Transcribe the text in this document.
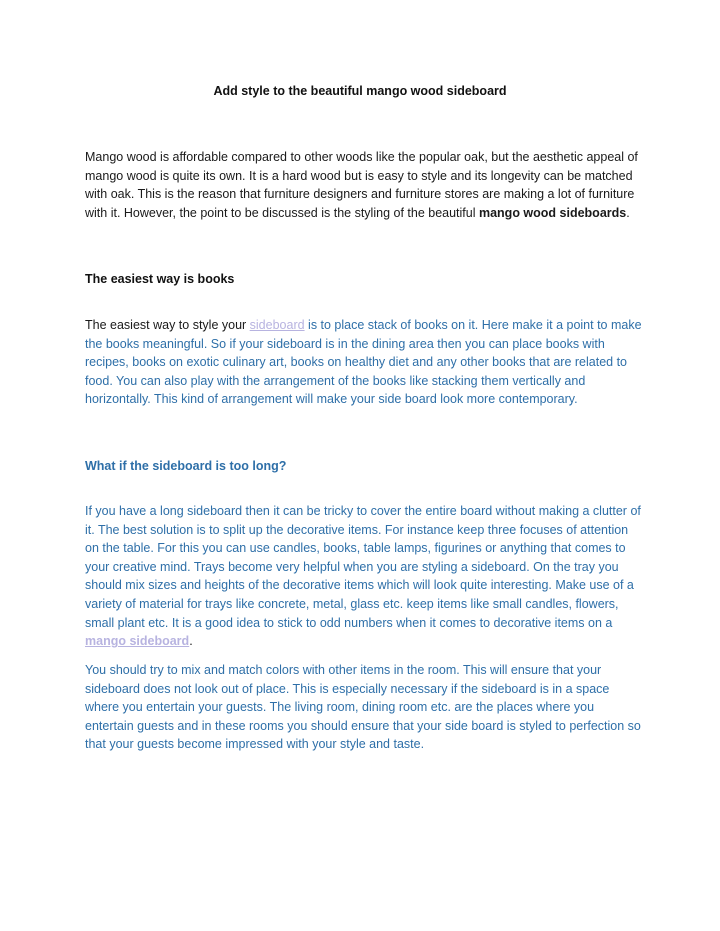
Add style to the beautiful mango wood sideboard

Mango wood is affordable compared to other woods like the popular oak, but the aesthetic appeal of mango wood is quite its own. It is a hard wood but is easy to style and its longevity can be matched with oak. This is the reason that furniture designers and furniture stores are making a lot of furniture with it. However, the point to be discussed is the styling of the beautiful mango wood sideboards.

The easiest way is books

The easiest way to style your sideboard is to place stack of books on it. Here make it a point to make the books meaningful. So if your sideboard is in the dining area then you can place books with recipes, books on exotic culinary art, books on healthy diet and any other books that are related to food. You can also play with the arrangement of the books like stacking them vertically and horizontally. This kind of arrangement will make your side board look more contemporary.

What if the sideboard is too long?

If you have a long sideboard then it can be tricky to cover the entire board without making a clutter of it. The best solution is to split up the decorative items. For instance keep three focuses of attention on the table. For this you can use candles, books, table lamps, figurines or anything that comes to your creative mind. Trays become very helpful when you are styling a sideboard. On the tray you should mix sizes and heights of the decorative items which will look quite interesting. Make use of a variety of material for trays like concrete, metal, glass etc. keep items like small candles, flowers, small plant etc. It is a good idea to stick to odd numbers when it comes to decorative items on a mango sideboard.

You should try to mix and match colors with other items in the room. This will ensure that your sideboard does not look out of place. This is especially necessary if the sideboard is in a space where you entertain your guests. The living room, dining room etc. are the places where you entertain guests and in these rooms you should ensure that your side board is styled to perfection so that your guests become impressed with your style and taste.
